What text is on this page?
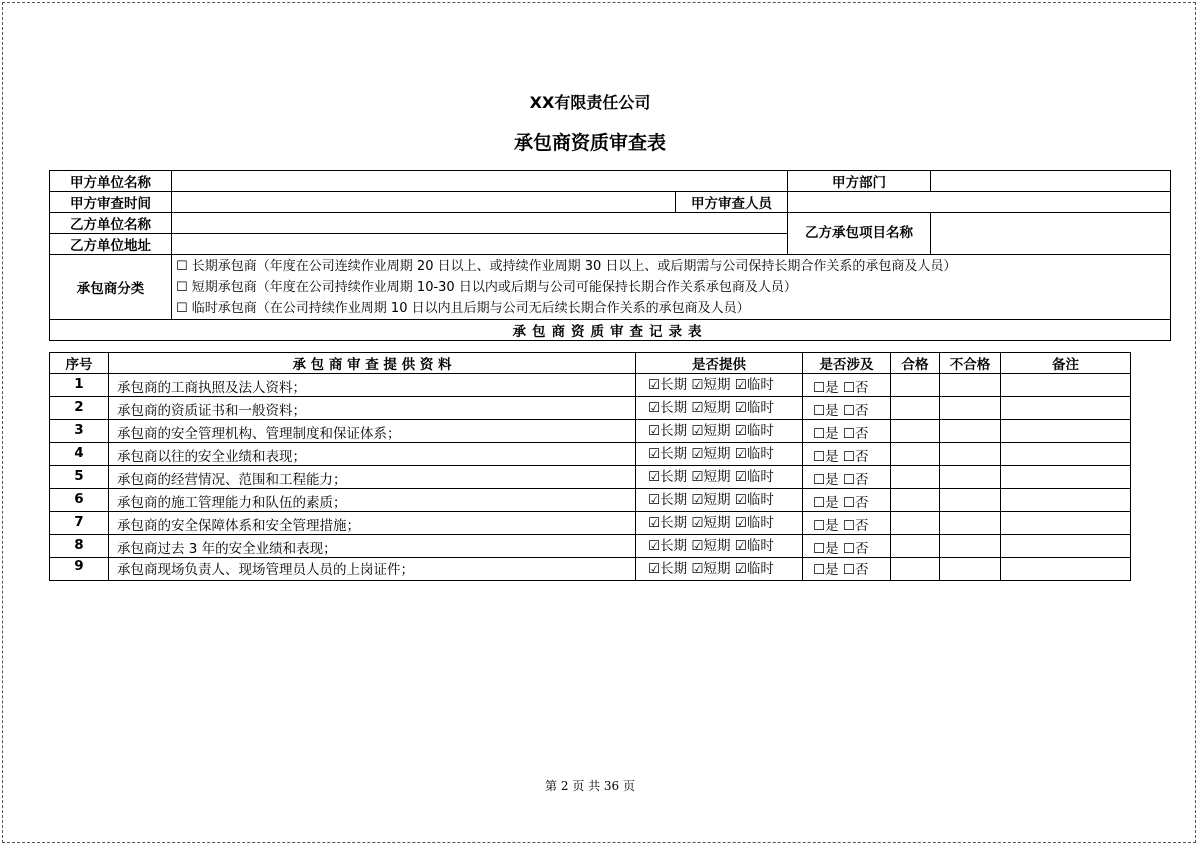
XX有限责任公司
承包商资质审查表
甲方单位名称			甲方部门	
甲方审查时间		甲方审查人员		
乙方单位名称			乙方承包项目名称	
乙方单位地址				
承包商分类	☐ 长期承包商（年度在公司连续作业周期 20 日以上、或持续作业周期 30 日以上、或后期需与公司保持长期合作关系的承包商及人员）
☐ 短期承包商（年度在公司持续作业周期 10-30 日以内或后期与公司可能保持长期合作关系承包商及人员）
☐ 临时承包商（在公司持续作业周期 10 日以内且后期与公司无后续长期合作关系的承包商及人员）			

承包商资质审查记录表				
序号	承 包 商 审 查 提 供 资 料	是否提供	是否涉及	合格	不合格	备注
1	承包商的工商执照及法人资料；	☑长期 ☑短期 ☑临时	☐是 ☐否			
2	承包商的资质证书和一般资料；	☑长期 ☑短期 ☑临时	☐是 ☐否			
3	承包商的安全管理机构、管理制度和保证体系；	☑长期 ☑短期 ☑临时	☐是 ☐否			
4	承包商以往的安全业绩和表现；	☑长期 ☑短期 ☑临时	☐是 ☐否			
5	承包商的经营情况、范围和工程能力；	☑长期 ☑短期 ☑临时	☐是 ☐否			
6	承包商的施工管理能力和队伍的素质；	☑长期 ☑短期 ☑临时	☐是 ☐否			
7	承包商的安全保障体系和安全管理措施；	☑长期 ☑短期 ☑临时	☐是 ☐否			
8	承包商过去 3 年的安全业绩和表现；	☑长期 ☑短期 ☑临时	☐是 ☐否			
9	承包商现场负责人、现场管理员人员的上岗证件；	☑长期 ☑短期 ☑临时	☐是 ☐否			
第 2 页 共 36 页
